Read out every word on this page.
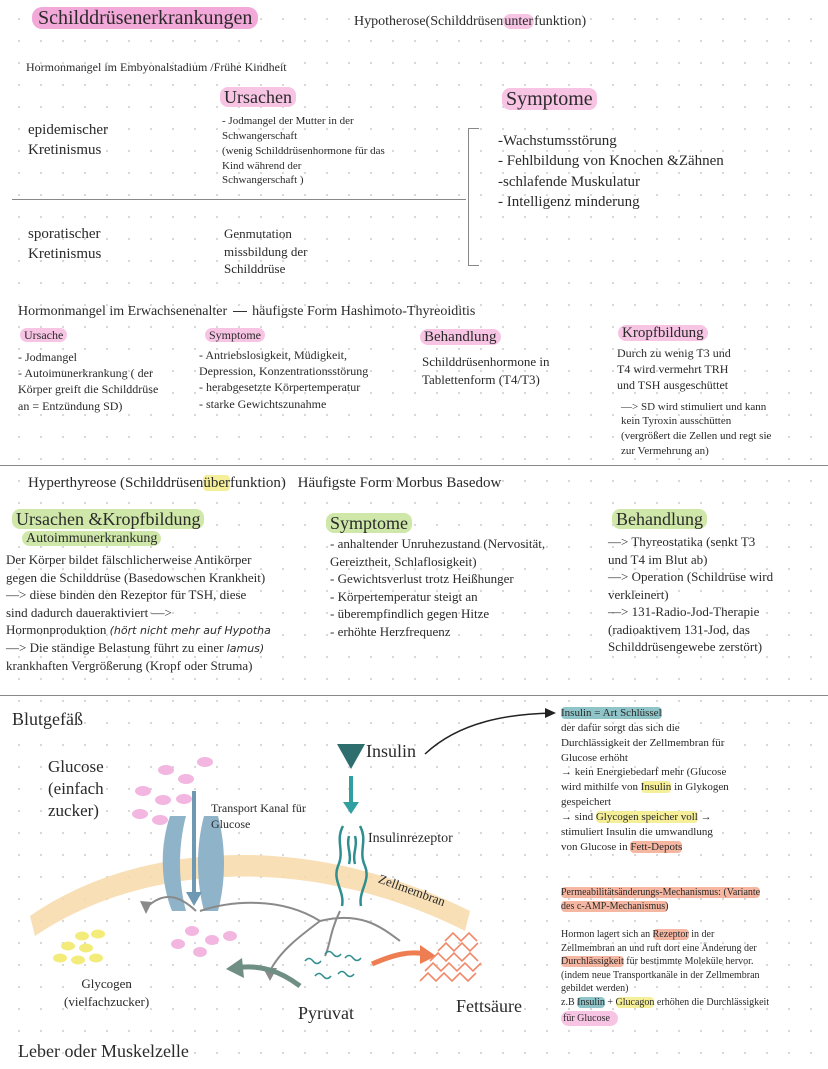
Schilddrüsenerkrankungen	Hypotherose(Schilddrüsenunterfunktion)
Hormonmangel im Embyonalstadium /Frühe Kindheit
Ursachen	Symptome
epidemischer
Kretinismus
- Jodmangel der Mutter in der
Schwangerschaft
(wenig Schilddrüsenhormone für das
Kind während der
Schwangerschaft )
sporatischer
Kretinismus
Genmutation
missbildung der
Schilddrüse
-Wachstumsstörung
- Fehlbildung von Knochen &Zähnen
-schlafende Muskulatur
- Intelligenz minderung
Hormonmangel im Erwachsenenalter häufigste Form Hashimoto-Thyreoiditis
Ursache
- Jodmangel
- Autoimunerkrankung ( der
Körper greift die Schilddrüse
an = Entzündung SD)
Symptome
- Antriebslosigkeit, Müdigkeit,
Depression, Konzentrationsstörung
- herabgesetzte Körpertemperatur
- starke Gewichtszunahme
Behandlung
Schilddrüsenhormone in
Tablettenform (T4/T3)
Kropfbildung
Durch zu wenig T3 und
T4 wird vermehrt TRH
und TSH ausgeschüttet
—> SD wird stimuliert und kann
kein Tyroxin ausschütten
(vergrößert die Zellen und regt sie
zur Vermehrung an)
Hyperthyreose (Schilddrüsenüberfunktion) Häufigste Form Morbus Basedow
Ursachen &Kropfbildung
Autoimmunerkrankung
Der Körper bildet fälschlicherweise Antikörper
gegen die Schilddrüse (Basedowschen Krankheit)
—> diese binden den Rezeptor für TSH, diese
sind dadurch daueraktiviert —>
Hormonproduktion (hört nicht mehr auf Hypotha
—> Die ständige Belastung führt zu einer lamus)
krankhaften Vergrößerung (Kropf oder Struma)
Symptome
- anhaltender Unruhezustand (Nervosität,
Gereiztheit, Schlaflosigkeit)
- Gewichtsverlust trotz Heißhunger
- Körpertemperatur steigt an
- überempfindlich gegen Hitze
- erhöhte Herzfrequenz
Behandlung
—> Thyreostatika (senkt T3
und T4 im Blut ab)
—> Operation (Schildrüse wird
verkleinert)
—> 131-Radio-Jod-Therapie
(radioaktivem 131-Jod, das
Schilddrüsengewebe zerstört)
Blutgefäß
Glucose
(einfach
zucker)	Transport Kanal für
Glucose
Insulin
Insulinrezeptor
Zellmembran
Glycogen
(vielfachzucker)
Pyruvat	Fettsäure
Leber oder Muskelzelle
Insulin = Art Schlüssel
der dafür sorgt das sich die
Durchlässigkeit der Zellmembran für
Glucose erhöht
→ kein Energiebedarf mehr (Glucose
wird mithilfe von Insulin in Glykogen
gespeichert
→ sind Glycogen speicher voll →
stimuliert Insulin die umwandlung
von Glucose in Fett-Depots
Permeabilitätsänderungs-Mechanismus: (Variante
des c-AMP-Mechanismus)
Hormon lagert sich an Rezeptor in der
Zellmembran an und ruft dort eine Änderung der
Durchlässigkeit für bestimmte Moleküle hervor.
(indem neue Transportkanäle in der Zellmembran
gebildet werden)
z.B Insulin + Glucagon erhöhen die Durchlässigkeit
für Glucose
